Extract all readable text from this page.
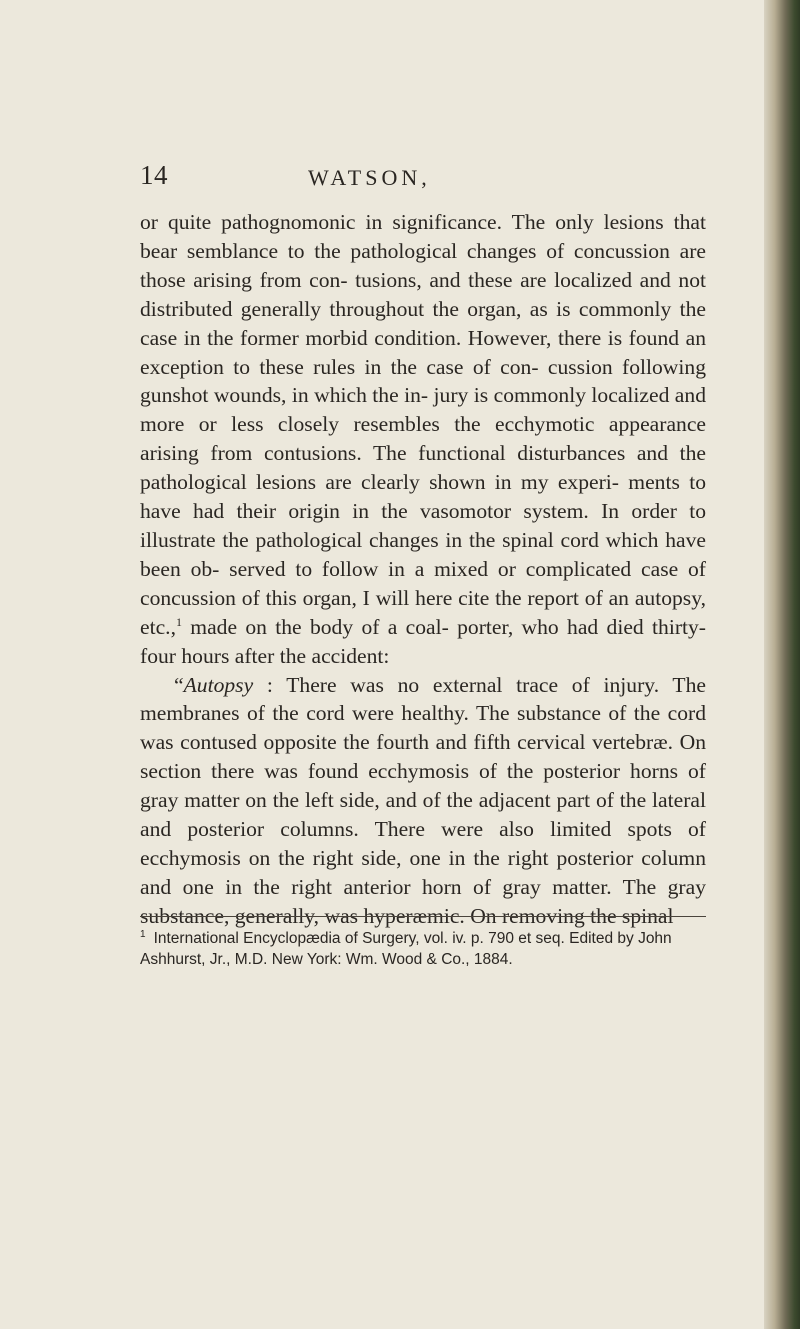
14	WATSON,

or quite pathognomonic in significance. The only lesions that bear semblance to the pathological changes of concussion are those arising from con- tusions, and these are localized and not distributed generally throughout the organ, as is commonly the case in the former morbid condition. However, there is found an exception to these rules in the case of con- cussion following gunshot wounds, in which the in- jury is commonly localized and more or less closely resembles the ecchymotic appearance arising from contusions. The functional disturbances and the pathological lesions are clearly shown in my experi- ments to have had their origin in the vasomotor system. In order to illustrate the pathological changes in the spinal cord which have been ob- served to follow in a mixed or complicated case of concussion of this organ, I will here cite the report of an autopsy, etc.,$^1$ made on the body of a coal- porter, who had died thirty-four hours after the accident:

“Autopsy : There was no external trace of injury. The membranes of the cord were healthy. The substance of the cord was contused opposite the fourth and fifth cervical vertebræ. On section there was found ecchymosis of the posterior horns of gray matter on the left side, and of the adjacent part of the lateral and posterior columns. There were also limited spots of ecchymosis on the right side, one in the right posterior column and one in the right anterior horn of gray matter. The gray substance, generally, was hyperæmic. On removing the spinal

$^1$ International Encyclopædia of Surgery, vol. iv. p. 790 et seq. Edited by John Ashhurst, Jr., M.D. New York: Wm. Wood & Co., 1884.
